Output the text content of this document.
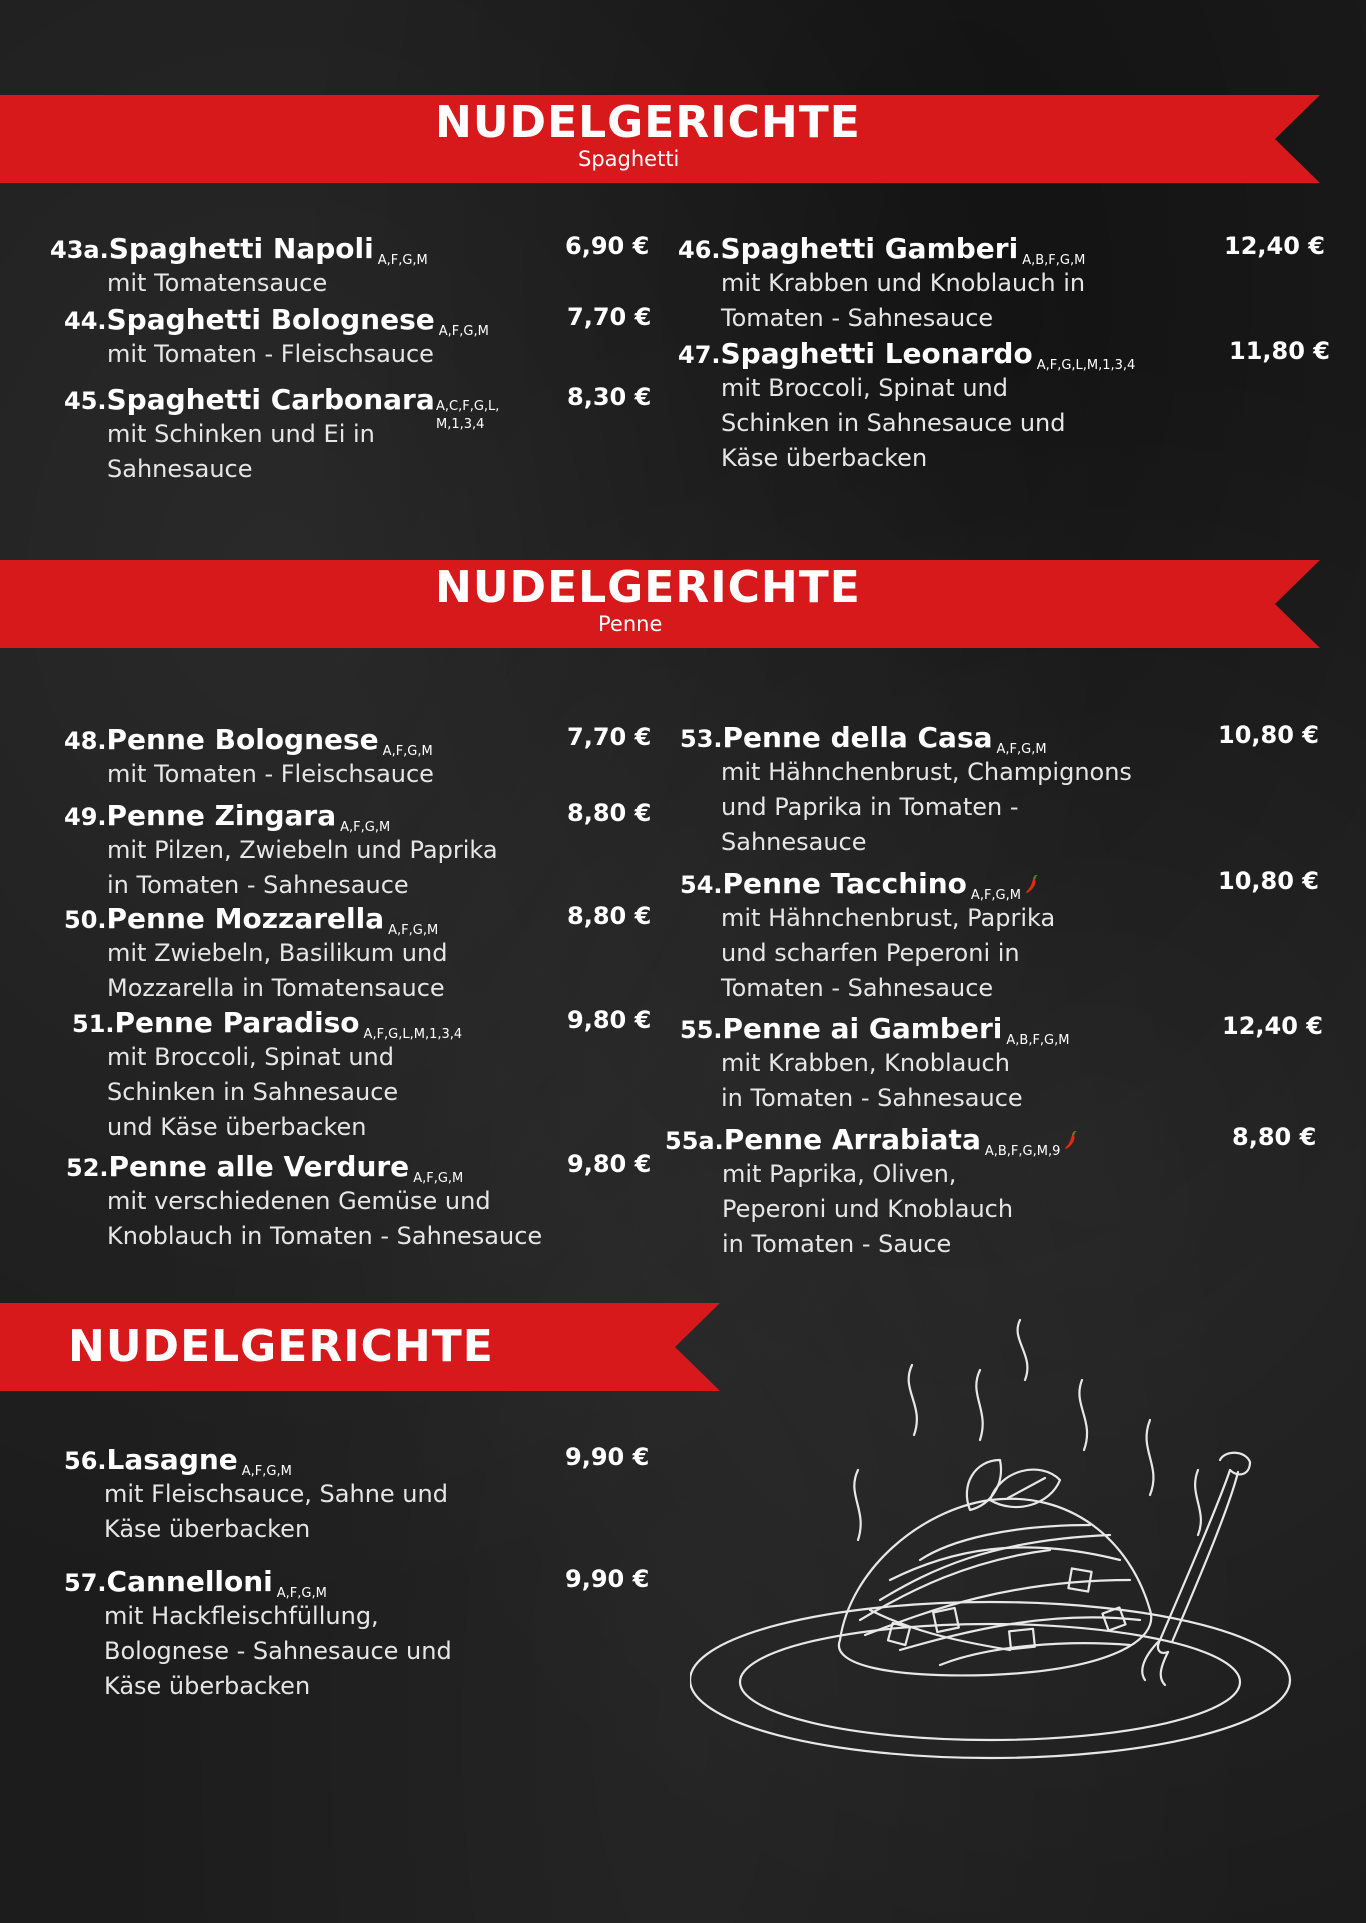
NUDELGERICHTE
Spaghetti
NUDELGERICHTE
Penne
NUDELGERICHTE
43a.Spaghetti Napoli $_{A,F,G,M}$
6,90 €
mit Tomatensauce
44.Spaghetti Bolognese $_{A,F,G,M}$
7,70 €
mit Tomaten - Fleischsauce
45.Spaghetti Carbonara	8,30 €
A,C,F,G,L,
M,1,3,4
mit Schinken und Ei in
Sahnesauce
46.Spaghetti Gamberi $_{A,B,F,G,M}$
12,40 €
mit Krabben und Knoblauch in
Tomaten - Sahnesauce
47.Spaghetti Leonardo $_{A,F,G,L,M,1,3,4}$
11,80 €
mit Broccoli, Spinat und
Schinken in Sahnesauce und
Käse überbacken
48.Penne Bolognese $_{A,F,G,M}$
7,70 €
mit Tomaten - Fleischsauce
49.Penne Zingara $_{A,F,G,M}$
8,80 €
mit Pilzen, Zwiebeln und Paprika
in Tomaten - Sahnesauce
50.Penne Mozzarella $_{A,F,G,M}$
8,80 €
mit Zwiebeln, Basilikum und
Mozzarella in Tomatensauce
51.Penne Paradiso $_{A,F,G,L,M,1,3,4}$
9,80 €
mit Broccoli, Spinat und
Schinken in Sahnesauce
und Käse überbacken
52.Penne alle Verdure $_{A,F,G,M}$
9,80 €
mit verschiedenen Gemüse und
Knoblauch in Tomaten - Sahnesauce
53.Penne della Casa $_{A,F,G,M}$
10,80 €
mit Hähnchenbrust, Champignons
und Paprika in Tomaten -
Sahnesauce
54.Penne Tacchino $_{A,F,G,M}$
10,80 €
mit Hähnchenbrust, Paprika
und scharfen Peperoni in
Tomaten - Sahnesauce
55.Penne ai Gamberi $_{A,B,F,G,M}$
12,40 €
mit Krabben, Knoblauch
in Tomaten - Sahnesauce
55a.Penne Arrabiata $_{A,B,F,G,M,9}$
8,80 €
mit Paprika, Oliven,
Peperoni und Knoblauch
in Tomaten - Sauce
56.Lasagne $_{A,F,G,M}$
9,90 €
mit Fleischsauce, Sahne und
Käse überbacken
57.Cannelloni $_{A,F,G,M}$
9,90 €
mit Hackfleischfüllung,
Bolognese - Sahnesauce und
Käse überbacken
